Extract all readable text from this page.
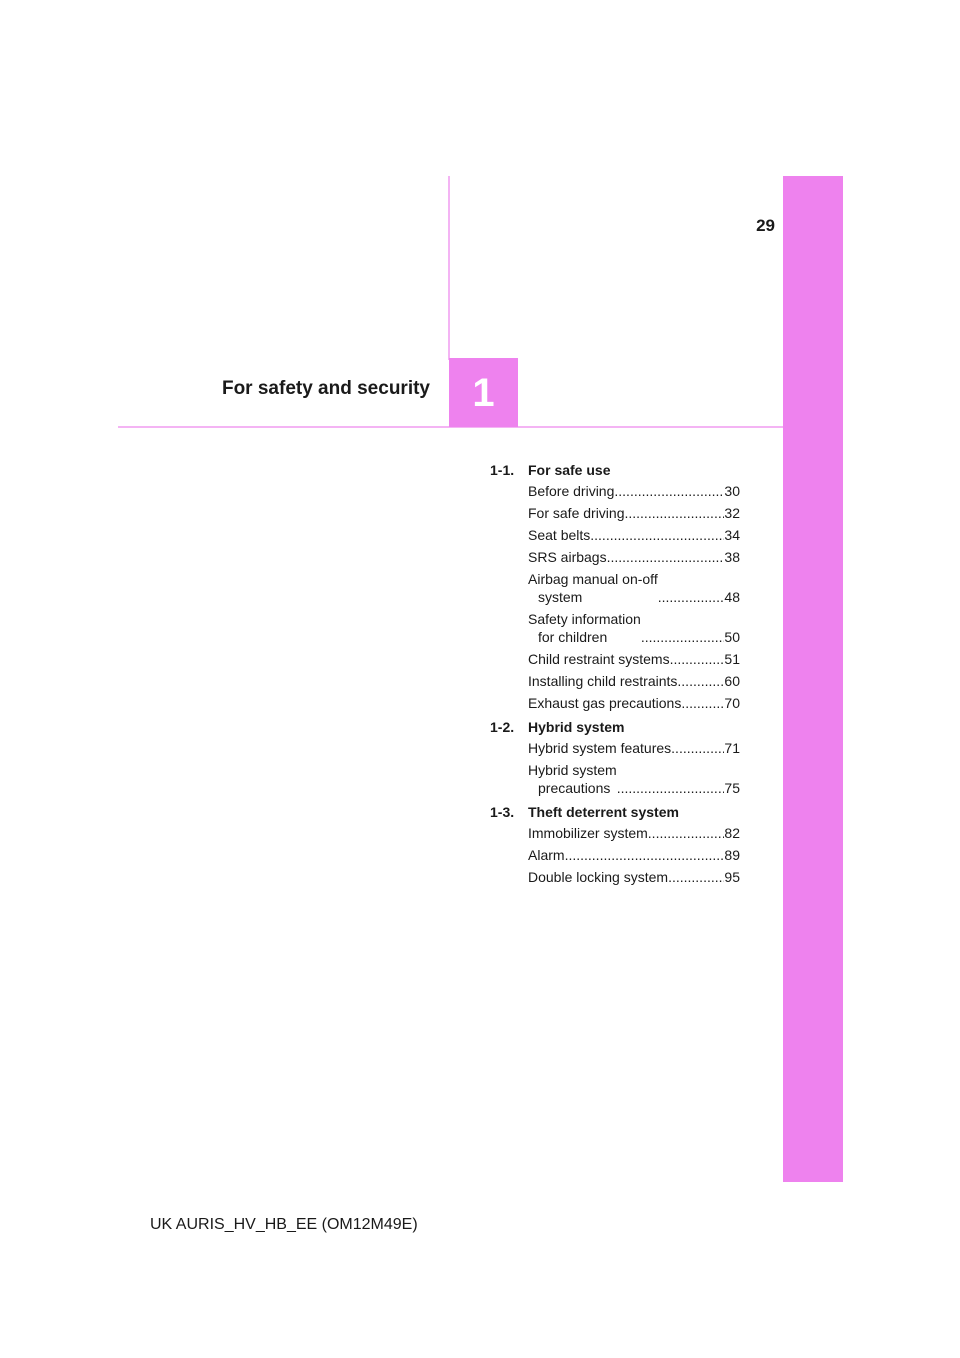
29
For safety and security 1
1-1. For safe use
Before driving .....	30
For safe driving .....	32
Seat belts .....	34
SRS airbags .....	38
Airbag manual on-off
system .....	48
Safety information
for children .....	50
Child restraint systems .....	51
Installing child restraints .....	60
Exhaust gas precautions .....	70
1-2. Hybrid system
Hybrid system features .....	71
Hybrid system
precautions .....	75
1-3. Theft deterrent system
Immobilizer system .....	82
Alarm .....	89
Double locking system .....	95
UK AURIS_HV_HB_EE (OM12M49E)
